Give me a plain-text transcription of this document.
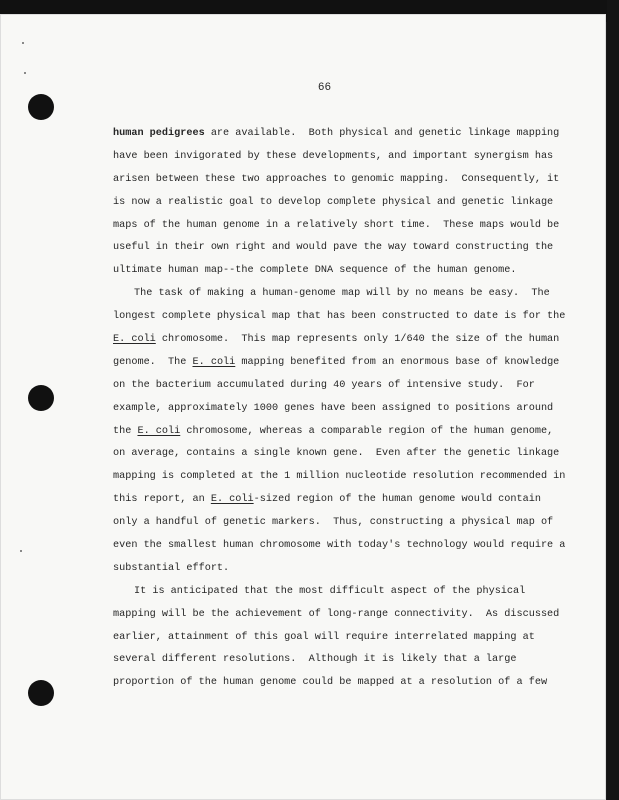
66
human pedigrees are available.  Both physical and genetic linkage mapping
have been invigorated by these developments, and important synergism has
arisen between these two approaches to genomic mapping.  Consequently, it
is now a realistic goal to develop complete physical and genetic linkage
maps of the human genome in a relatively short time.  These maps would be
useful in their own right and would pave the way toward constructing the
ultimate human map--the complete DNA sequence of the human genome.
The task of making a human-genome map will by no means be easy.  The
longest complete physical map that has been constructed to date is for the
E. coli chromosome.  This map represents only 1/640 the size of the human
genome.  The E. coli mapping benefited from an enormous base of knowledge
on the bacterium accumulated during 40 years of intensive study.  For
example, approximately 1000 genes have been assigned to positions around
the E. coli chromosome, whereas a comparable region of the human genome,
on average, contains a single known gene.  Even after the genetic linkage
mapping is completed at the 1 million nucleotide resolution recommended in
this report, an E. coli-sized region of the human genome would contain
only a handful of genetic markers.  Thus, constructing a physical map of
even the smallest human chromosome with today's technology would require a
substantial effort.
It is anticipated that the most difficult aspect of the physical
mapping will be the achievement of long-range connectivity.  As discussed
earlier, attainment of this goal will require interrelated mapping at
several different resolutions.  Although it is likely that a large
proportion of the human genome could be mapped at a resolution of a few
